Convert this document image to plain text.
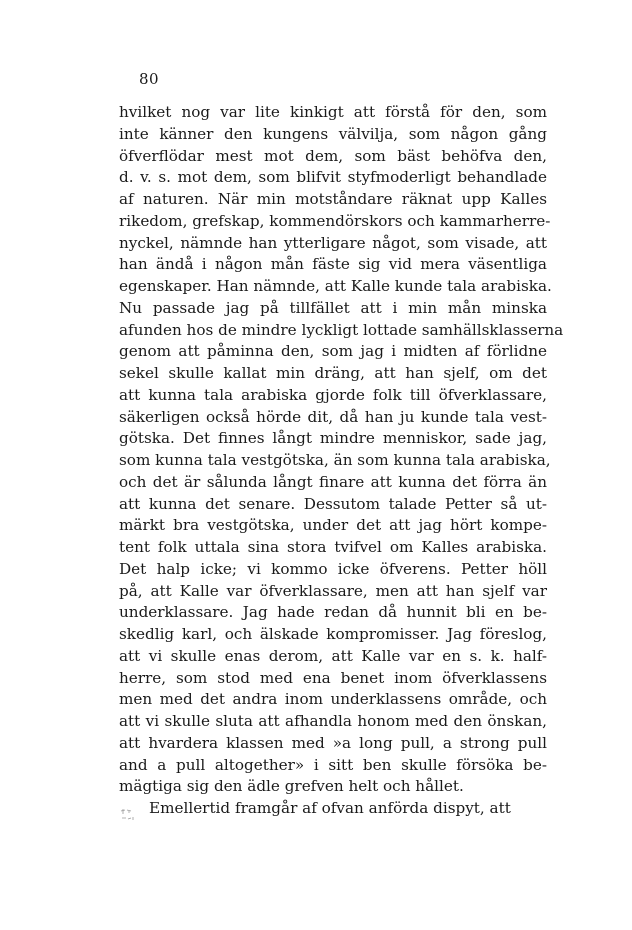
80
hvilket nog var lite kinkigt att förstå för den, som
inte känner den kungens välvilja, som någon gång
öfverflödar mest mot dem, som bäst behöfva den,
d. v. s. mot dem, som blifvit styfmoderligt behandlade
af naturen. När min motståndare räknat upp Kalles
rikedom, grefskap, kommendörskors och kammarherre-
nyckel, nämnde han ytterligare något, som visade, att
han ändå i någon mån fäste sig vid mera väsentliga
egenskaper. Han nämnde, att Kalle kunde tala arabiska.
Nu passade jag på tillfället att i min mån minska
afunden hos de mindre lyckligt lottade samhällsklasserna
genom att påminna den, som jag i midten af förlidne
sekel skulle kallat min dräng, att han sjelf, om det
att kunna tala arabiska gjorde folk till öfverklassare,
säkerligen också hörde dit, då han ju kunde tala vest-
götska. Det finnes långt mindre menniskor, sade jag,
som kunna tala vestgötska, än som kunna tala arabiska,
och det är sålunda långt finare att kunna det förra än
att kunna det senare. Dessutom talade Petter så ut-
märkt bra vestgötska, under det att jag hört kompe-
tent folk uttala sina stora tvifvel om Kalles arabiska.
Det halp icke; vi kommo icke öfverens. Petter höll
på, att Kalle var öfverklassare, men att han sjelf var
underklassare. Jag hade redan då hunnit bli en be-
skedlig karl, och älskade kompromisser. Jag föreslog,
att vi skulle enas derom, att Kalle var en s. k. half-
herre, som stod med ena benet inom öfverklassens
men med det andra inom underklassens område, och
att vi skulle sluta att afhandla honom med den önskan,
att hvardera klassen med »a long pull, a strong pull
and a pull altogether» i sitt ben skulle försöka be-
mägtiga sig den ädle grefven helt och hållet.
Emellertid framgår af ofvan anförda dispyt, att
